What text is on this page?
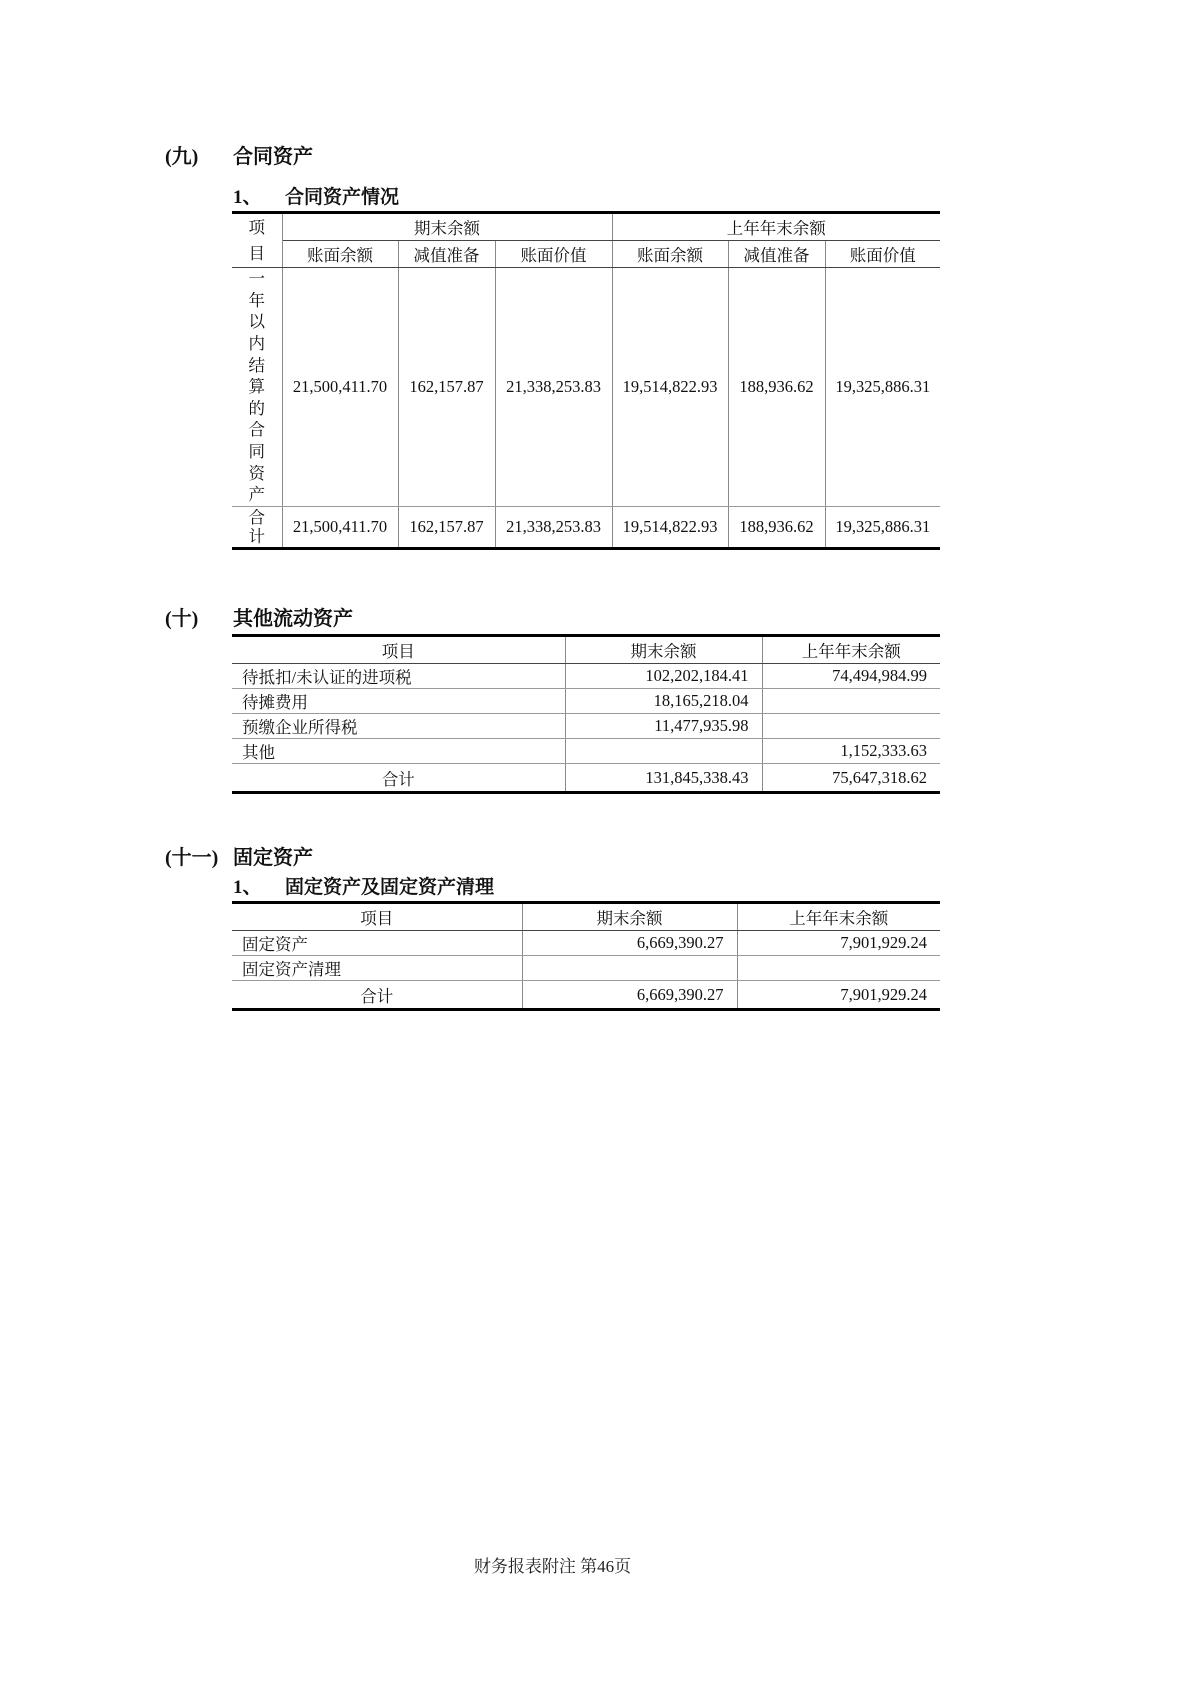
(九)	合同资产
1、	合同资产情况
项目	期末余额			上年年末余额		
	账面余额	减值准备	账面价值	账面余额	减值准备	账面价值

一年以内结算的合同资产	21,500,411.70	162,157.87	21,338,253.83	19,514,822.93	188,936.62	19,325,886.31

合计	21,500,411.70	162,157.87	21,338,253.83	19,514,822.93	188,936.62	19,325,886.31
(十)	其他流动资产
项目	期末余额	上年年末余额
待抵扣/未认证的进项税	102,202,184.41	74,494,984.99
待摊费用	18,165,218.04	
预缴企业所得税	11,477,935.98	
其他		1,152,333.63
合计	131,845,338.43	75,647,318.62
(十一) 固定资产
1、	固定资产及固定资产清理
项目	期末余额	上年年末余额
固定资产	6,669,390.27	7,901,929.24
固定资产清理		
合计	6,669,390.27	7,901,929.24
财务报表附注 第46页
